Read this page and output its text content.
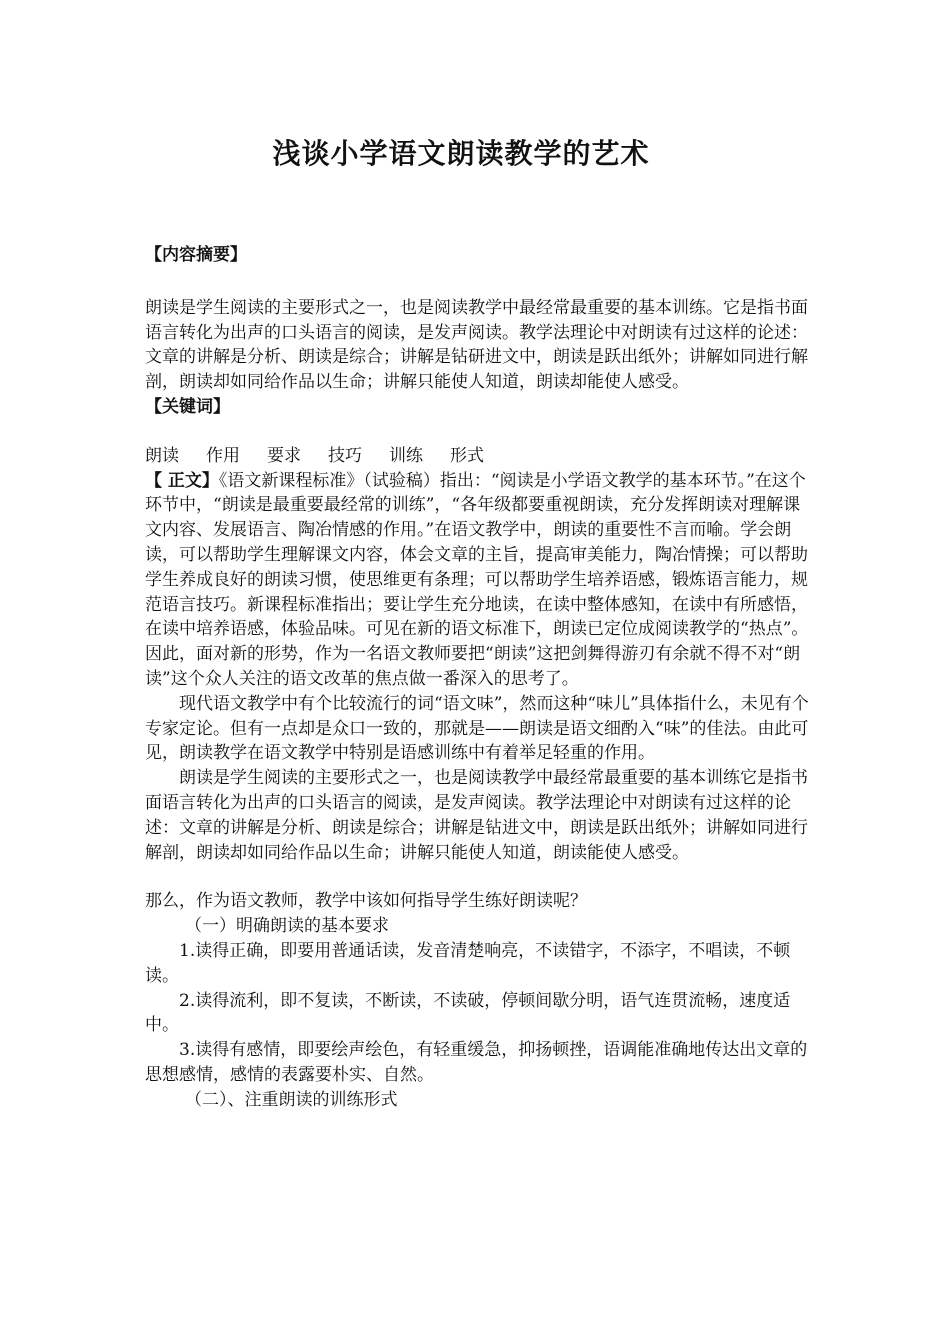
浅谈小学语文朗读教学的艺术

【内容摘要】

朗读是学生阅读的主要形式之一，也是阅读教学中最经常最重要的基本训练。它是指书面语言转化为出声的口头语言的阅读，是发声阅读。教学法理论中对朗读有过这样的论述：文章的讲解是分析、朗读是综合；讲解是钻研进文中，朗读是跃出纸外；讲解如同进行解剖，朗读却如同给作品以生命；讲解只能使人知道，朗读却能使人感受。

【关键词】

朗读 作用 要求 技巧 训练 形式

【 正文】《语文新课程标准》（试验稿）指出：“阅读是小学语文教学的基本环节。”在这个环节中，“朗读是最重要最经常的训练”，“各年级都要重视朗读，充分发挥朗读对理解课文内容、发展语言、陶冶情感的作用。”在语文教学中，朗读的重要性不言而喻。学会朗读，可以帮助学生理解课文内容，体会文章的主旨，提高审美能力，陶冶情操；可以帮助学生养成良好的朗读习惯，使思维更有条理；可以帮助学生培养语感，锻炼语言能力，规范语言技巧。新课程标准指出；要让学生充分地读，在读中整体感知，在读中有所感悟，在读中培养语感，体验品味。可见在新的语文标准下，朗读已定位成阅读教学的“热点”。因此，面对新的形势，作为一名语文教师要把“朗读”这把剑舞得游刃有余就不得不对“朗读”这个众人关注的语文改革的焦点做一番深入的思考了。

现代语文教学中有个比较流行的词“语文味”，然而这种“味儿”具体指什么，未见有个专家定论。但有一点却是众口一致的，那就是——朗读是语文细酌入“味”的佳法。由此可见，朗读教学在语文教学中特别是语感训练中有着举足轻重的作用。

朗读是学生阅读的主要形式之一，也是阅读教学中最经常最重要的基本训练它是指书面语言转化为出声的口头语言的阅读，是发声阅读。教学法理论中对朗读有过这样的论述：文章的讲解是分析、朗读是综合；讲解是钻进文中，朗读是跃出纸外；讲解如同进行解剖，朗读却如同给作品以生命；讲解只能使人知道，朗读能使人感受。

那么，作为语文教师，教学中该如何指导学生练好朗读呢？

（一）明确朗读的基本要求

1.读得正确，即要用普通话读，发音清楚响亮，不读错字，不添字，不唱读，不顿读。

2.读得流利，即不复读，不断读，不读破，停顿间歇分明，语气连贯流畅，速度适中。

3.读得有感情，即要绘声绘色，有轻重缓急，抑扬顿挫，语调能准确地传达出文章的思想感情，感情的表露要朴实、自然。

（二）、注重朗读的训练形式
